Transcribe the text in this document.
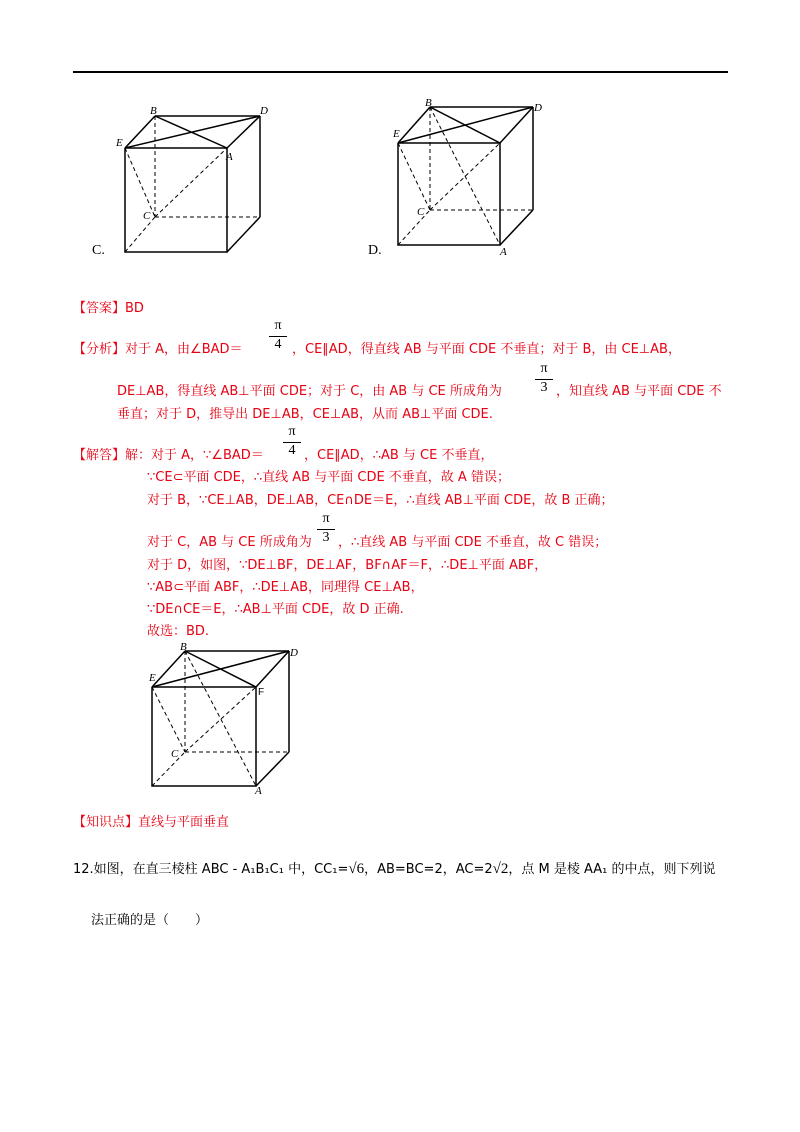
B	D
E
A
C
C.
B	D
E
A
C
D.
【答案】BD
【分析】对于 A，由∠BAD＝
π
4 ，CE∥AD，得直线 AB 与平面 CDE 不垂直；对于 B，由 CE⊥AB，
DE⊥AB，得直线 AB⊥平面 CDE；对于 C，由 AB 与 CE 所成角为
π
3 ，知直线 AB 与平面 CDE 不
垂直；对于 D，推导出 DE⊥AB，CE⊥AB，从而 AB⊥平面 CDE.
【解答】解：对于 A，∵∠BAD＝
π
4 ，CE∥AD，∴AB 与 CE 不垂直，
∵CE⊂平面 CDE，∴直线 AB 与平面 CDE 不垂直，故 A 错误；
对于 B，∵CE⊥AB，DE⊥AB，CE∩DE＝E，∴直线 AB⊥平面 CDE，故 B 正确；
对于 C，AB 与 CE 所成角为
π
3 ，∴直线 AB 与平面 CDE 不垂直，故 C 错误；
对于 D，如图，∵DE⊥BF，DE⊥AF，BF∩AF＝F，∴DE⊥平面 ABF，
∵AB⊂平面 ABF，∴DE⊥AB，同理得 CE⊥AB，
∵DE∩CE＝E，∴AB⊥平面 CDE，故 D 正确.
故选：BD.
B	D
E
F
C
A
【知识点】直线与平面垂直
12.如图，在直三棱柱 ABC - A₁B₁C₁ 中，CC₁=√6，AB=BC=2，AC=2√2，点 M 是棱 AA₁ 的中点，则下列说
法正确的是（　　）
